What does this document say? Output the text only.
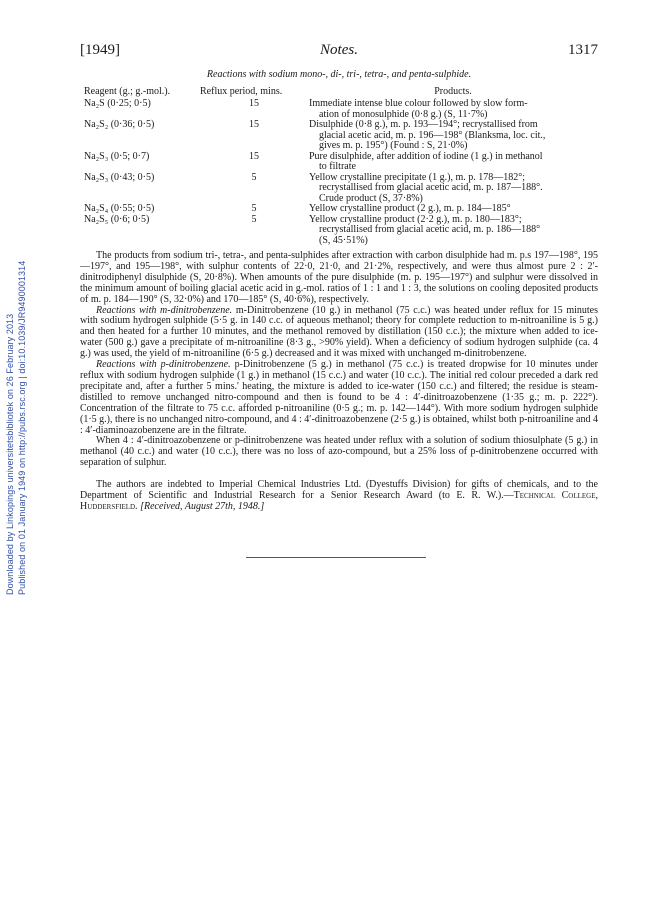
Downloaded by Linkopings universitetsbibliotek on 26 February 2013 Published on 01 January 1949 on http://pubs.rsc.org | doi:10.1039/JR9490001314
[1949]	Notes.	1317
Reactions with sodium mono-, di-, tri-, tetra-, and penta-sulphide.
Reagent (g.; g.-mol.).	Reflux period, mins.	Products.
Na₂S (0·25; 0·5)	15	Immediate intense blue colour followed by slow form-
ation of monosulphide (0·8 g.) (S, 11·7%)
Na₂S₂ (0·36; 0·5)	15	Disulphide (0·8 g.), m. p. 193—194°; recrystallised from
glacial acetic acid, m. p. 196—198° (Blanksma, loc. cit.,
gives m. p. 195°) (Found : S, 21·0%)
Na₂S₃ (0·5; 0·7)	15	Pure disulphide, after addition of iodine (1 g.) in methanol
to filtrate
Na₂S₃ (0·43; 0·5)	5	Yellow crystalline precipitate (1 g.), m. p. 178—182°;
recrystallised from glacial acetic acid, m. p. 187—188°.
Crude product (S, 37·8%)
Na₂S₄ (0·55; 0·5)	5	Yellow crystalline product (2 g.), m. p. 184—185°
Na₂S₅ (0·6; 0·5)	5	Yellow crystalline product (2·2 g.), m. p. 180—183°;
recrystallised from glacial acetic acid, m. p. 186—188°
(S, 45·51%)

The products from sodium tri-, tetra-, and penta-sulphides after extraction with carbon disulphide had m. p.s 197—198°, 195—197°, and 195—198°, with sulphur contents of 22·0, 21·0, and 21·2%, respectively, and were thus almost pure 2 : 2′-dinitrodiphenyl disulphide (S, 20·8%). When amounts of the pure disulphide (m. p. 195—197°) and sulphur were dissolved in the minimum amount of boiling glacial acetic acid in g.-mol. ratios of 1 : 1 and 1 : 3, the solutions on cooling deposited products of m. p. 184—190° (S, 32·0%) and 170—185° (S, 40·6%), respectively.

Reactions with m-dinitrobenzene. m-Dinitrobenzene (10 g.) in methanol (75 c.c.) was heated under reflux for 15 minutes with sodium hydrogen sulphide (5·5 g. in 140 c.c. of aqueous methanol; theory for complete reduction to m-nitroaniline is 5 g.) and then heated for a further 10 minutes, and the methanol removed by distillation (150 c.c.); the mixture when added to ice-water (500 g.) gave a precipitate of m-nitroaniline (8·3 g., >90% yield). When a deficiency of sodium hydrogen sulphide (ca. 4 g.) was used, the yield of m-nitroaniline (6·5 g.) decreased and it was mixed with unchanged m-dinitrobenzene.

Reactions with p-dinitrobenzene. p-Dinitrobenzene (5 g.) in methanol (75 c.c.) is treated dropwise for 10 minutes under reflux with sodium hydrogen sulphide (1 g.) in methanol (15 c.c.) and water (10 c.c.). The initial red colour preceded a dark red precipitate and, after a further 5 mins.' heating, the mixture is added to ice-water (150 c.c.) and filtered; the residue is steam-distilled to remove unchanged nitro-compound and then is found to be 4 : 4′-dinitroazobenzene (1·35 g.; m. p. 222°). Concentration of the filtrate to 75 c.c. afforded p-nitroaniline (0·5 g.; m. p. 142—144°). With more sodium hydrogen sulphide (1·5 g.), there is no unchanged nitro-compound, and 4 : 4′-dinitroazobenzene (2·5 g.) is obtained, whilst both p-nitroaniline and 4 : 4′-diaminoazobenzene are in the filtrate.

When 4 : 4′-dinitroazobenzene or p-dinitrobenzene was heated under reflux with a solution of sodium thiosulphate (5 g.) in methanol (40 c.c.) and water (10 c.c.), there was no loss of azo-compound, but a 25% loss of p-dinitrobenzene occurred with separation of sulphur.

The authors are indebted to Imperial Chemical Industries Ltd. (Dyestuffs Division) for gifts of chemicals, and to the Department of Scientific and Industrial Research for a Senior Research Award (to E. R. W.).—Technical College, Huddersfield. [Received, August 27th, 1948.]
